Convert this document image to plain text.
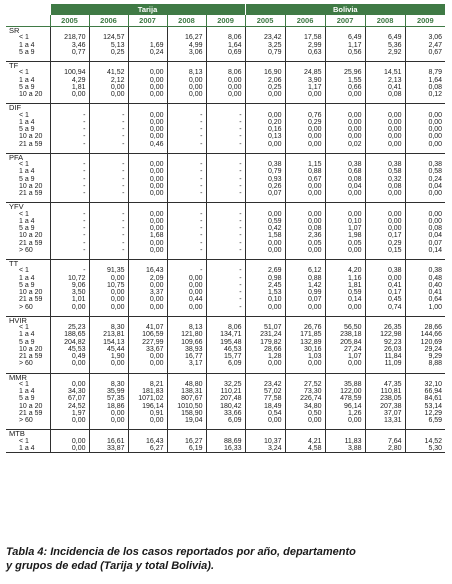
	Tarija					Bolivia				
	2005	2006	2007	2008	2009	2005	2006	2007	2008	2009
SR										
< 1	218,70	124,57		16,27	8,06	23,42	17,58	6,49	6,49	3,06
1 a 4	3,46	5,13	1,69	4,99	1,64	3,25	2,99	1,17	5,36	2,47
5 a 9	0,77	0,25	0,24	3,06	0,69	0,79	0,63	0,56	2,92	0,67

TF										
< 1	100,94	41,52	0,00	8,13	8,06	16,90	24,85	25,96	14,51	8,79
1 a 4	4,29	2,12	0,00	0,00	0,00	2,06	3,90	1,55	2,13	1,64
5 a 9	1,81	0,00	0,00	0,00	0,00	0,25	1,17	0,66	0,41	0,08
10 a 20	0,00	0,00	0,00	0,00	0,00	0,00	0,00	0,00	0,08	0,12

DIF										
< 1	-	-	0,00	-	-	0,00	0,76	0,00	0,00	0,00
1 a 4	-	-	0,00	-	-	0,20	0,29	0,00	0,00	0,00
5 a 9	-	-	0,00	-	-	0,16	0,00	0,00	0,00	0,00
10 a 20	-	-	0,00	-	-	0,13	0,00	0,00	0,00	0,00
21 a 59	-	-	0,46	-	-	0,00	0,00	0,02	0,00	0,00

PFA										
< 1	-	-	0,00	-	-	0,38	1,15	0,38	0,38	0,38
1 a 4	-	-	0,00	-	-	0,79	0,88	0,68	0,58	0,58
5 a 9	-	-	0,00	-	-	0,93	0,67	0,08	0,32	0,24
10 a 20	-	-	0,00	-	-	0,26	0,00	0,04	0,08	0,04
21 a 59	-	-	0,00	-	-	0,07	0,00	0,00	0,00	0,00

YFV										
< 1	-	-	0,00	-	-	0,00	0,00	0,00	0,00	0,00
1 a 4	-	-	0,00	-	-	0,59	0,00	0,10	0,00	0,00
5 a 9	-	-	0,00	-	-	0,42	0,08	1,07	0,00	0,08
10 a 20	-	-	1,68	-	-	1,58	2,36	1,98	0,17	0,04
21 a 59	-	-	0,00	-	-	0,00	0,05	0,05	0,29	0,07
> 60	-	-	0,00	-	-	0,00	0,00	0,00	0,15	0,14

TT										
< 1	-	91,35	16,43	-	-	2,69	6,12	4,20	0,38	0,38
1 a 4	10,72	0,00	2,09	0,00	-	0,98	0,88	1,16	0,00	0,48
5 a 9	9,06	10,75	0,00	0,00	-	2,45	1,42	1,81	0,41	0,40
10 a 20	3,50	0,00	3,37	0,00	-	1,53	0,99	0,59	0,17	0,41
21 a 59	1,01	0,00	0,00	0,44	-	0,10	0,07	0,14	0,45	0,64
> 60	0,00	0,00	0,00	0,00	-	0,00	0,00	0,00	0,74	1,00

HVIR										
< 1	25,23	8,30	41,07	8,13	8,06	51,07	26,76	56,50	26,35	28,66
1 a 4	188,65	213,81	106,59	121,80	134,71	231,24	171,85	238,18	122,98	144,66
5 a 9	204,82	154,13	227,99	109,66	195,48	179,82	132,89	205,84	92,23	120,69
10 a 20	45,53	45,44	33,67	38,93	46,53	28,66	30,16	27,24	26,03	29,24
21 a 59	0,49	1,90	0,00	16,77	15,77	1,28	1,03	1,07	11,84	9,29
> 60	0,00	0,00	0,00	3,17	6,09	0,00	0,00	0,00	11,09	8,88

MMR										
< 1	0,00	8,30	8,21	48,80	32,25	23,42	27,52	35,88	47,35	32,10
1 a 4	34,30	35,99	181,83	138,31	110,21	57,02	73,30	122,00	110,81	66,94
5 a 9	67,07	57,35	1071,02	807,67	207,48	77,58	226,74	478,59	238,05	84,61
10 a 20	24,52	18,86	196,14	1010,50	180,42	18,49	34,80	96,14	207,38	53,14
21 a 59	1,97	0,00	0,91	158,90	33,66	0,54	0,50	1,26	37,07	12,29
> 60	0,00	0,00	0,00	19,04	6,09	0,00	0,00	0,00	13,31	6,59

MTB										
< 1	0,00	16,61	16,43	16,27	88,69	10,37	4,21	11,83	7,64	14,52
1 a 4	0,00	33,87	6,27	6,19	16,33	3,24	4,58	3,88	2,80	5,30
Tabla 4: Incidencia de los casos reportados por año, departamento
y grupos de edad (Tarija y total Bolivia).
